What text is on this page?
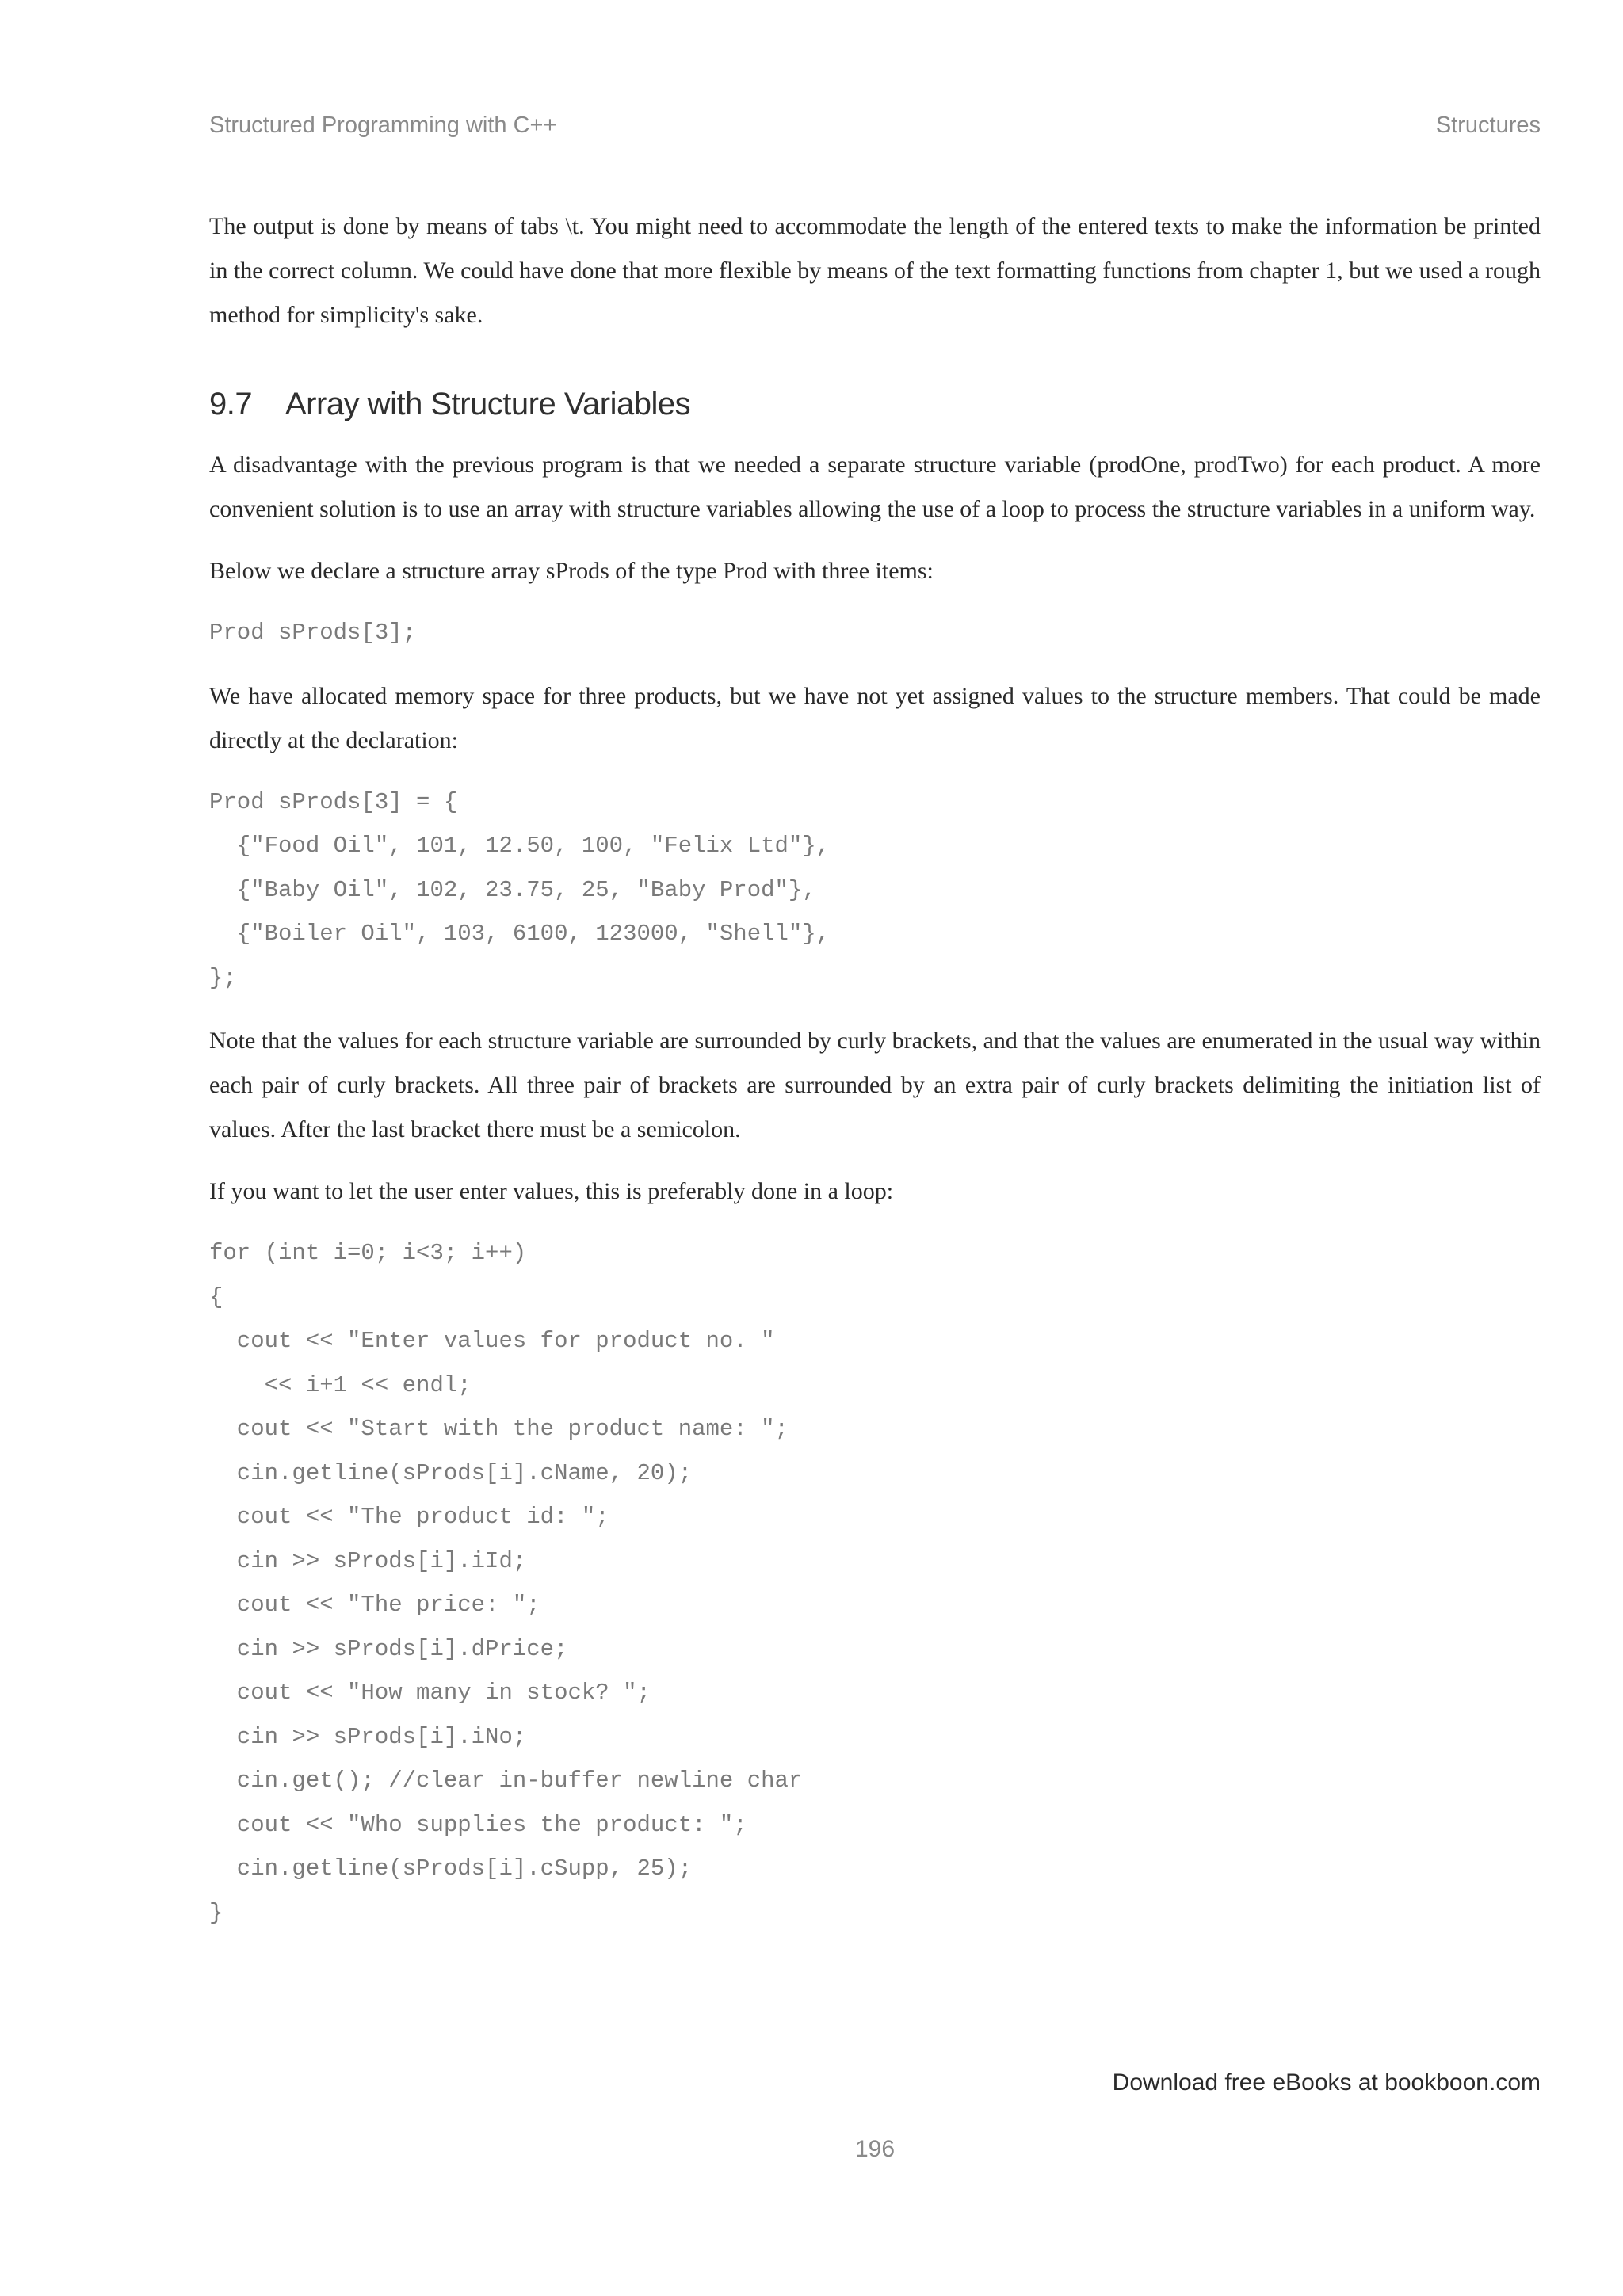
Structured Programming with C++	Structures

The output is done by means of tabs \t. You might need to accommodate the length of the entered texts to make the information be printed in the correct column. We could have done that more flexible by means of the text formatting functions from chapter 1, but we used a rough method for simplicity's sake.

9.7 Array with Structure Variables

A disadvantage with the previous program is that we needed a separate structure variable (prodOne, prodTwo) for each product. A more convenient solution is to use an array with structure variables allowing the use of a loop to process the structure variables in a uniform way.

Below we declare a structure array sProds of the type Prod with three items:

Prod sProds[3];

We have allocated memory space for three products, but we have not yet assigned values to the structure members. That could be made directly at the declaration:

Prod sProds[3] = {
{"Food Oil", 101, 12.50, 100, "Felix Ltd"},
{"Baby Oil", 102, 23.75, 25, "Baby Prod"},
{"Boiler Oil", 103, 6100, 123000, "Shell"},
};

Note that the values for each structure variable are surrounded by curly brackets, and that the values are enumerated in the usual way within each pair of curly brackets. All three pair of brackets are surrounded by an extra pair of curly brackets delimiting the initiation list of values. After the last bracket there must be a semicolon.

If you want to let the user enter values, this is preferably done in a loop:

for (int i=0; i<3; i++)
{
cout << "Enter values for product no. "
<< i+1 << endl;
cout << "Start with the product name: ";
cin.getline(sProds[i].cName, 20);
cout << "The product id: ";
cin >> sProds[i].iId;
cout << "The price: ";
cin >> sProds[i].dPrice;
cout << "How many in stock? ";
cin >> sProds[i].iNo;
cin.get(); //clear in-buffer newline char
cout << "Who supplies the product: ";
cin.getline(sProds[i].cSupp, 25);
}
Download free eBooks at bookboon.com
196
